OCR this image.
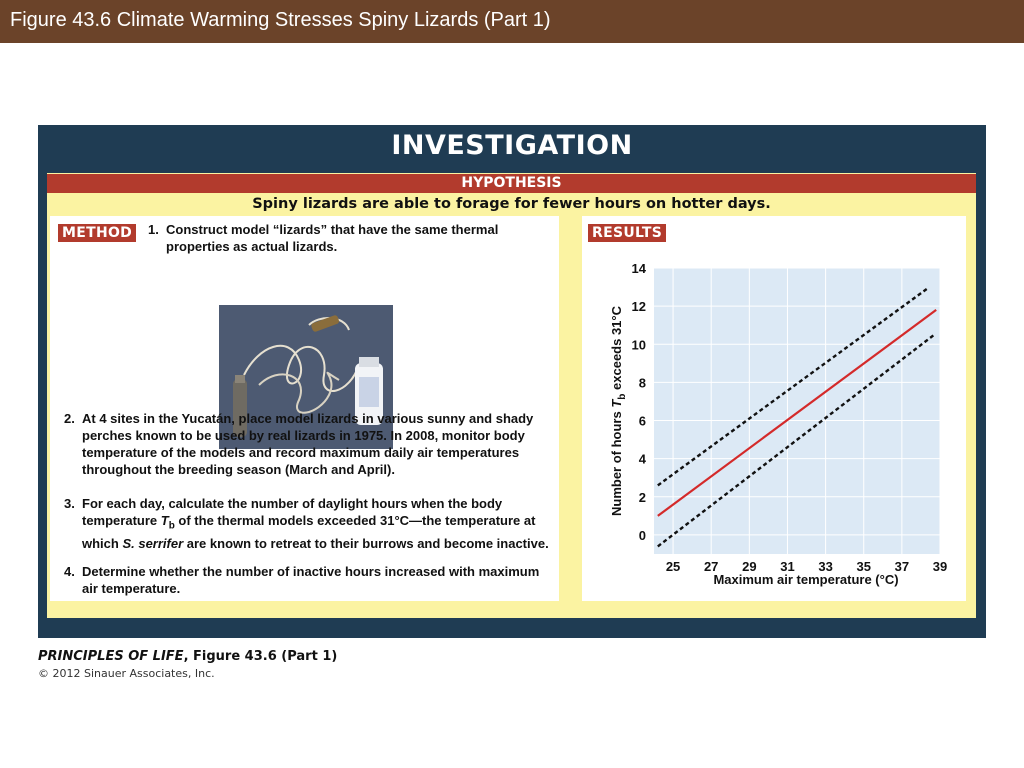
Figure 43.6 Climate Warming Stresses Spiny Lizards (Part 1)
INVESTIGATION
HYPOTHESIS
Spiny lizards are able to forage for fewer hours on hotter days.
METHOD	1. Construct model “lizards” that have the same thermal properties as actual lizards.
2. At 4 sites in the Yucatán, place model lizards in various sunny and shady perches known to be used by real lizards in 1975. In 2008, monitor body temperature of the models and record maximum daily air temperatures throughout the breeding season (March and April).
3. For each day, calculate the number of daylight hours when the body temperature $T_b$ of the thermal models exceeded 31°C—the temperature at which S. serrifer are known to retreat to their burrows and become inactive.
4. Determine whether the number of inactive hours increased with maximum air temperature.
RESULTS
25 27 29 31 33 35 37 39
0
2
4
6
8
10
12
14
Maximum air temperature (°C)
Number of hours $T_b$ exceeds 31°C
PRINCIPLES OF LIFE, Figure 43.6 (Part 1)
© 2012 Sinauer Associates, Inc.
